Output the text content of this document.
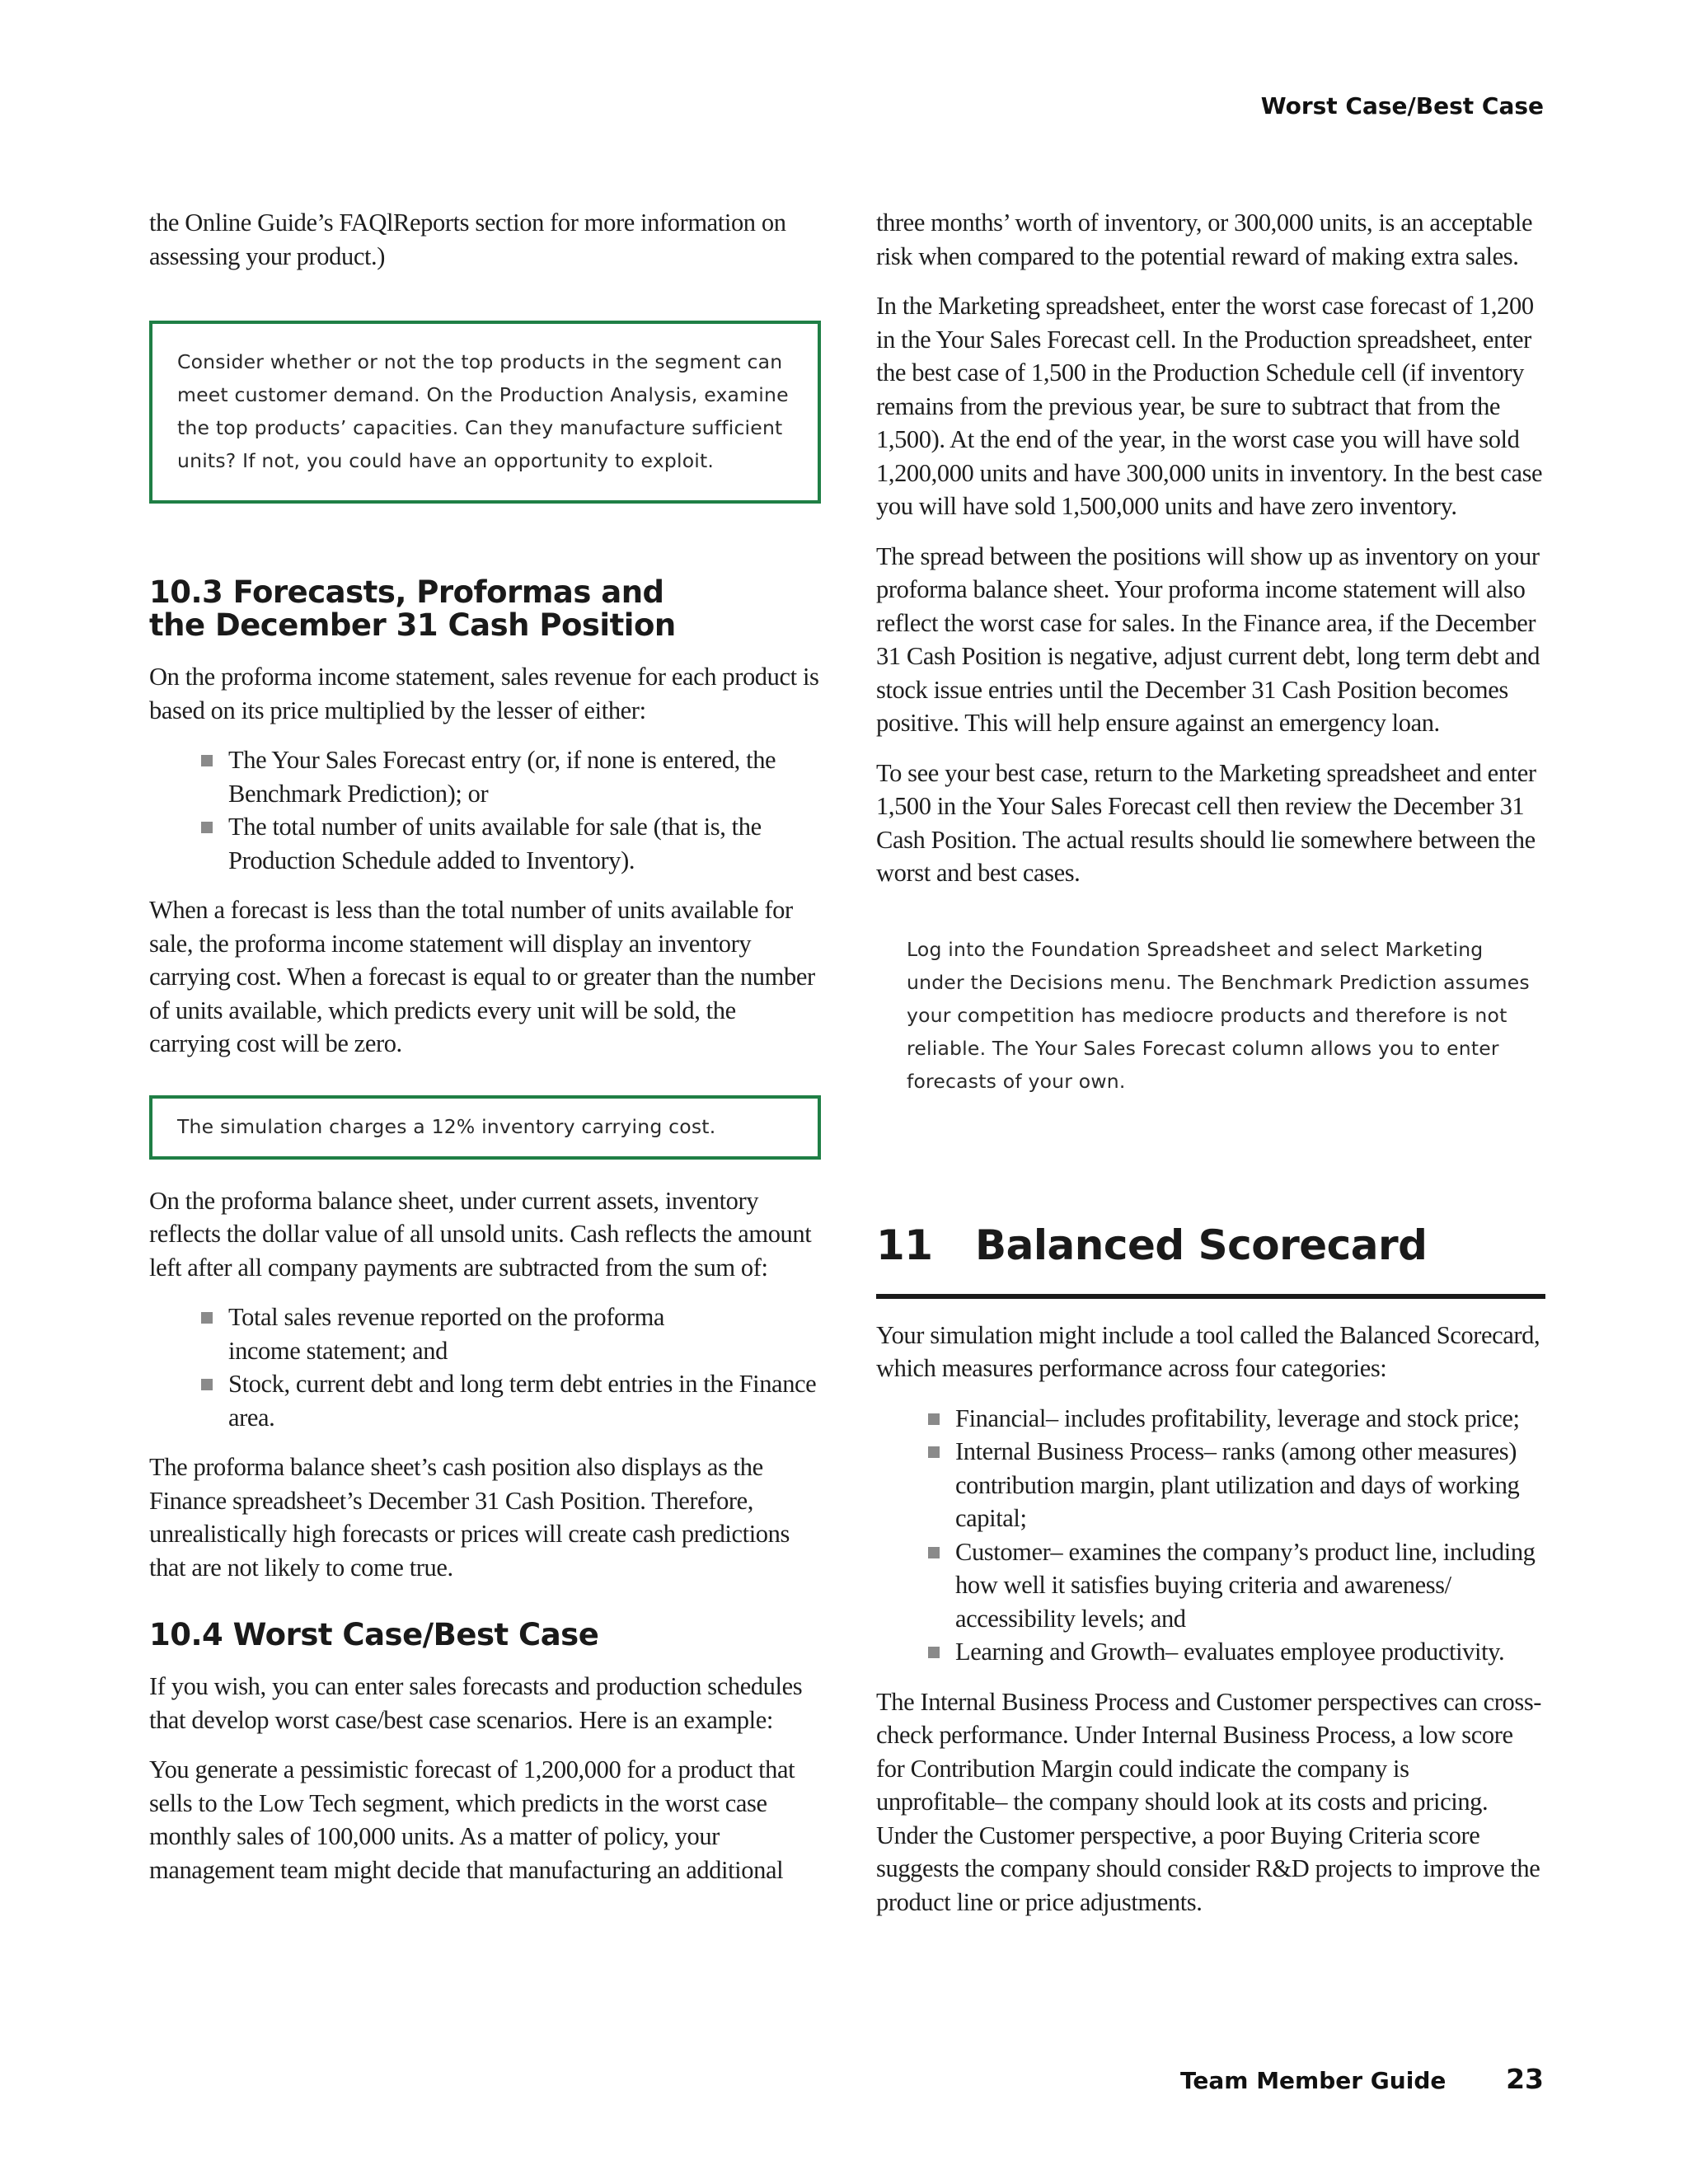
Worst Case/Best Case

the Online Guide’s FAQlReports section for more information on assessing your product.)

Consider whether or not the top products in the segment can meet customer demand. On the Production Analysis, examine the top products’ capacities. Can they manufacture sufficient units? If not, you could have an opportunity to exploit.
10.3 Forecasts, Proformas and the December 31 Cash Position

On the proforma income statement, sales revenue for each product is based on its price multiplied by the lesser of either:

The Your Sales Forecast entry (or, if none is entered, the Benchmark Prediction); or
The total number of units available for sale (that is, the Production Schedule added to Inventory).

When a forecast is less than the total number of units available for sale, the proforma income statement will display an inventory carrying cost. When a forecast is equal to or greater than the number of units available, which predicts every unit will be sold, the carrying cost will be zero.

The simulation charges a 12% inventory carrying cost.

On the proforma balance sheet, under current assets, inventory reflects the dollar value of all unsold units. Cash reflects the amount left after all company payments are subtracted from the sum of:

Total sales revenue reported on the proforma income statement; and
Stock, current debt and long term debt entries in the Finance area.

The proforma balance sheet’s cash position also displays as the Finance spreadsheet’s December 31 Cash Position. Therefore, unrealistically high forecasts or prices will create cash predictions that are not likely to come true.

10.4 Worst Case/Best Case

If you wish, you can enter sales forecasts and production schedules that develop worst case/best case scenarios. Here is an example:

You generate a pessimistic forecast of 1,200,000 for a product that sells to the Low Tech segment, which predicts in the worst case monthly sales of 100,000 units. As a matter of policy, your management team might decide that manufacturing an additional

three months’ worth of inventory, or 300,000 units, is an acceptable risk when compared to the potential reward of making extra sales.

In the Marketing spreadsheet, enter the worst case forecast of 1,200 in the Your Sales Forecast cell. In the Production spreadsheet, enter the best case of 1,500 in the Production Schedule cell (if inventory remains from the previous year, be sure to subtract that from the 1,500). At the end of the year, in the worst case you will have sold 1,200,000 units and have 300,000 units in inventory. In the best case you will have sold 1,500,000 units and have zero inventory.

The spread between the positions will show up as inventory on your proforma balance sheet. Your proforma income statement will also reflect the worst case for sales. In the Finance area, if the December 31 Cash Position is negative, adjust current debt, long term debt and stock issue entries until the December 31 Cash Position becomes positive. This will help ensure against an emergency loan.

To see your best case, return to the Marketing spreadsheet and enter 1,500 in the Your Sales Forecast cell then review the December 31 Cash Position. The actual results should lie somewhere between the worst and best cases.

Log into the Foundation Spreadsheet and select Marketing under the Decisions menu. The Benchmark Prediction assumes your competition has mediocre products and therefore is not reliable. The Your Sales Forecast column allows you to enter forecasts of your own.
11	Balanced Scorecard

Your simulation might include a tool called the Balanced Scorecard, which measures performance across four categories:

Financial– includes profitability, leverage and stock price;
Internal Business Process– ranks (among other measures) contribution margin, plant utilization and days of working capital;
Customer– examines the company’s product line, including how well it satisfies buying criteria and awareness/ accessibility levels; and
Learning and Growth– evaluates employee productivity.

The Internal Business Process and Customer perspectives can cross-check performance. Under Internal Business Process, a low score for Contribution Margin could indicate the company is unprofitable– the company should look at its costs and pricing. Under the Customer perspective, a poor Buying Criteria score suggests the company should consider R&D projects to improve the product line or price adjustments.

Team Member Guide 23
